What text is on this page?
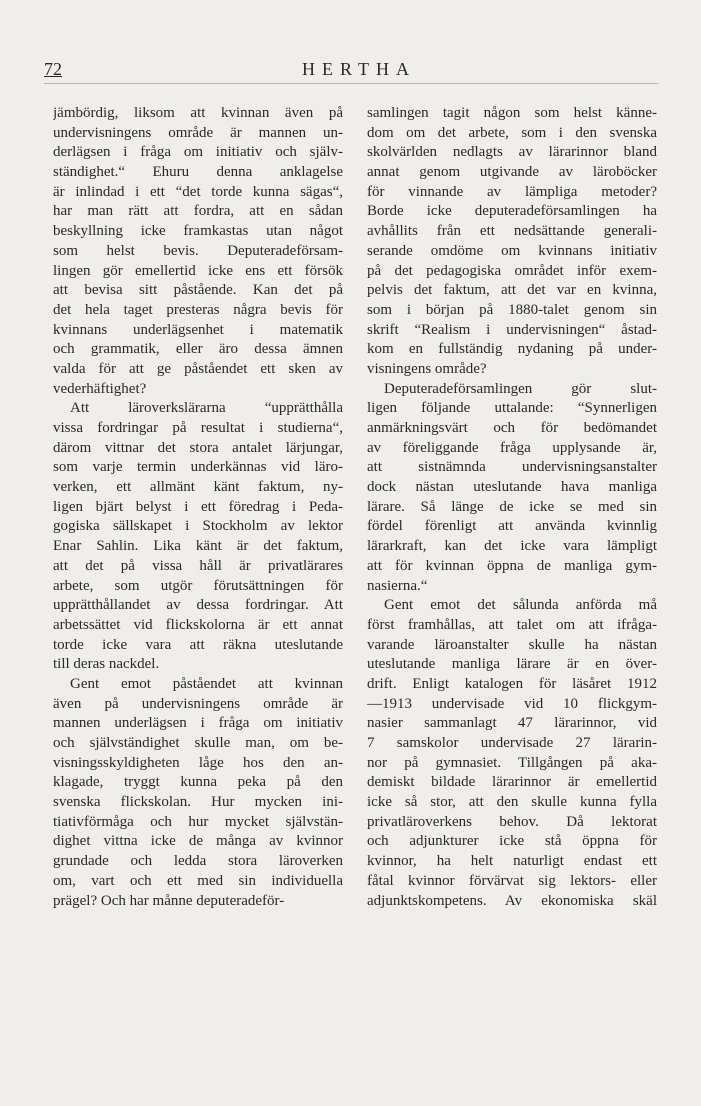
72	HERTHA
jämbördig, liksom att kvinnan även på
undervisningens område är mannen un-
derlägsen i fråga om initiativ och själv-
ständighet.“ Ehuru denna anklagelse
är inlindad i ett “det torde kunna sägas“,
har man rätt att fordra, att en sådan
beskyllning icke framkastas utan något
som helst bevis. Deputeradeförsam-
lingen gör emellertid icke ens ett försök
att bevisa sitt påstående. Kan det på
det hela taget presteras några bevis för
kvinnans underlägsenhet i matematik
och grammatik, eller äro dessa ämnen
valda för att ge påståendet ett sken av
vederhäftighet?
Att läroverkslärarna “upprätthålla
vissa fordringar på resultat i studierna“,
därom vittnar det stora antalet lärjungar,
som varje termin underkännas vid läro-
verken, ett allmänt känt faktum, ny-
ligen bjärt belyst i ett föredrag i Peda-
gogiska sällskapet i Stockholm av lektor
Enar Sahlin. Lika känt är det faktum,
att det på vissa håll är privatlärares
arbete, som utgör förutsättningen för
upprätthållandet av dessa fordringar. Att
arbetssättet vid flickskolorna är ett annat
torde icke vara att räkna uteslutande
till deras nackdel.
Gent emot påståendet att kvinnan
även på undervisningens område är
mannen underlägsen i fråga om initiativ
och självständighet skulle man, om be-
visningsskyldigheten låge hos den an-
klagade, tryggt kunna peka på den
svenska flickskolan. Hur mycken ini-
tiativförmåga och hur mycket självstän-
dighet vittna icke de många av kvinnor
grundade och ledda stora läroverken
om, vart och ett med sin individuella
prägel? Och har månne deputeradeför-
samlingen tagit någon som helst känne-
dom om det arbete, som i den svenska
skolvärlden nedlagts av lärarinnor bland
annat genom utgivande av läroböcker
för vinnande av lämpliga metoder?
Borde icke deputeradeförsamlingen ha
avhållits från ett nedsättande generali-
serande omdöme om kvinnans initiativ
på det pedagogiska området inför exem-
pelvis det faktum, att det var en kvinna,
som i början på 1880-talet genom sin
skrift “Realism i undervisningen“ åstad-
kom en fullständig nydaning på under-
visningens område?
Deputeradeförsamlingen gör slut-
ligen följande uttalande: “Synnerligen
anmärkningsvärt och för bedömandet
av föreliggande fråga upplysande är,
att sistnämnda undervisningsanstalter
dock nästan uteslutande hava manliga
lärare. Så länge de icke se med sin
fördel förenligt att använda kvinnlig
lärarkraft, kan det icke vara lämpligt
att för kvinnan öppna de manliga gym-
nasierna.“
Gent emot det sålunda anförda må
först framhållas, att talet om att ifråga-
varande läroanstalter skulle ha nästan
uteslutande manliga lärare är en över-
drift. Enligt katalogen för läsåret 1912
—1913 undervisade vid 10 flickgym-
nasier sammanlagt 47 lärarinnor, vid
7 samskolor undervisade 27 lärarin-
nor på gymnasiet. Tillgången på aka-
demiskt bildade lärarinnor är emellertid
icke så stor, att den skulle kunna fylla
privatläroverkens behov. Då lektorat
och adjunkturer icke stå öppna för
kvinnor, ha helt naturligt endast ett
fåtal kvinnor förvärvat sig lektors- eller
adjunktskompetens. Av ekonomiska skäl
